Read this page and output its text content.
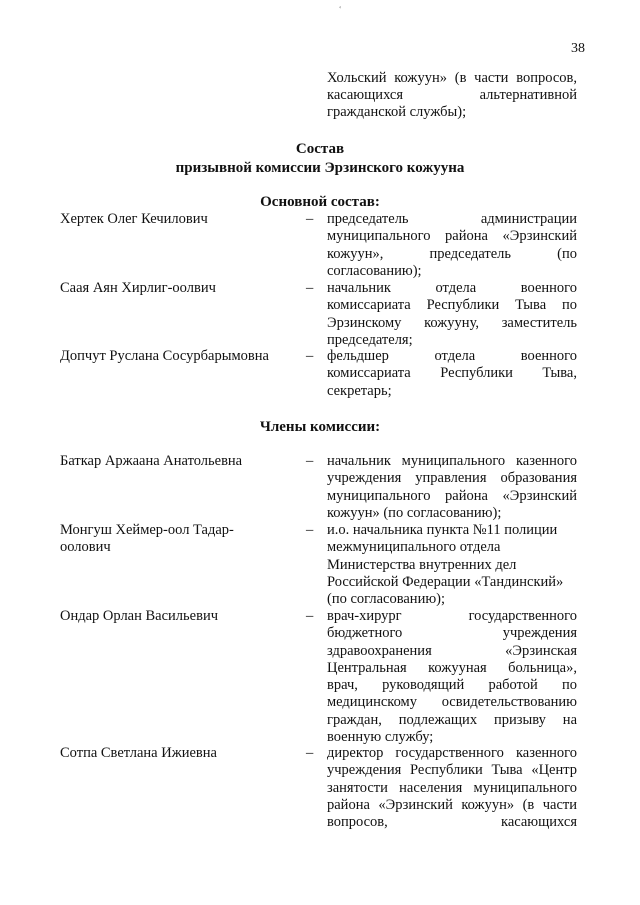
38
Хольский кожуун» (в части вопросов,
касающихся альтернативной
гражданской службы);
Состав
призывной комиссии Эрзинского кожууна
Основной состав:
Хертек Олег Кечилович	– председатель администрации
муниципального района «Эрзинский
кожуун», председатель (по
согласованию);
Саая Аян Хирлиг-оолвич	– начальник отдела военного
комиссариата Республики Тыва по
Эрзинскому кожууну, заместитель
председателя;
Допчут Руслана Сосурбарымовна	– фельдшер отдела военного
комиссариата Республики Тыва,
секретарь;
Члены комиссии:
Баткар Аржаана Анатольевна	– начальник муниципального казенного
учреждения управления образования
муниципального района «Эрзинский
кожуун» (по согласованию);
Монгуш Хеймер-оол Тадар-
оолович
– и.о. начальника пункта №11 полиции
межмуниципального отдела
Министерства внутренних дел
Российской Федерации «Тандинский»
(по согласованию);
Ондар Орлан Васильевич	– врач-хирург государственного
бюджетного учреждения
здравоохранения «Эрзинская
Центральная кожууная больница»,
врач, руководящий работой по
медицинскому освидетельствованию
граждан, подлежащих призыву на
военную службу;
Сотпа Светлана Ижиевна	– директор государственного казенного
учреждения Республики Тыва «Центр
занятости населения муниципального
района «Эрзинский кожуун» (в части
вопросов, касающихся
